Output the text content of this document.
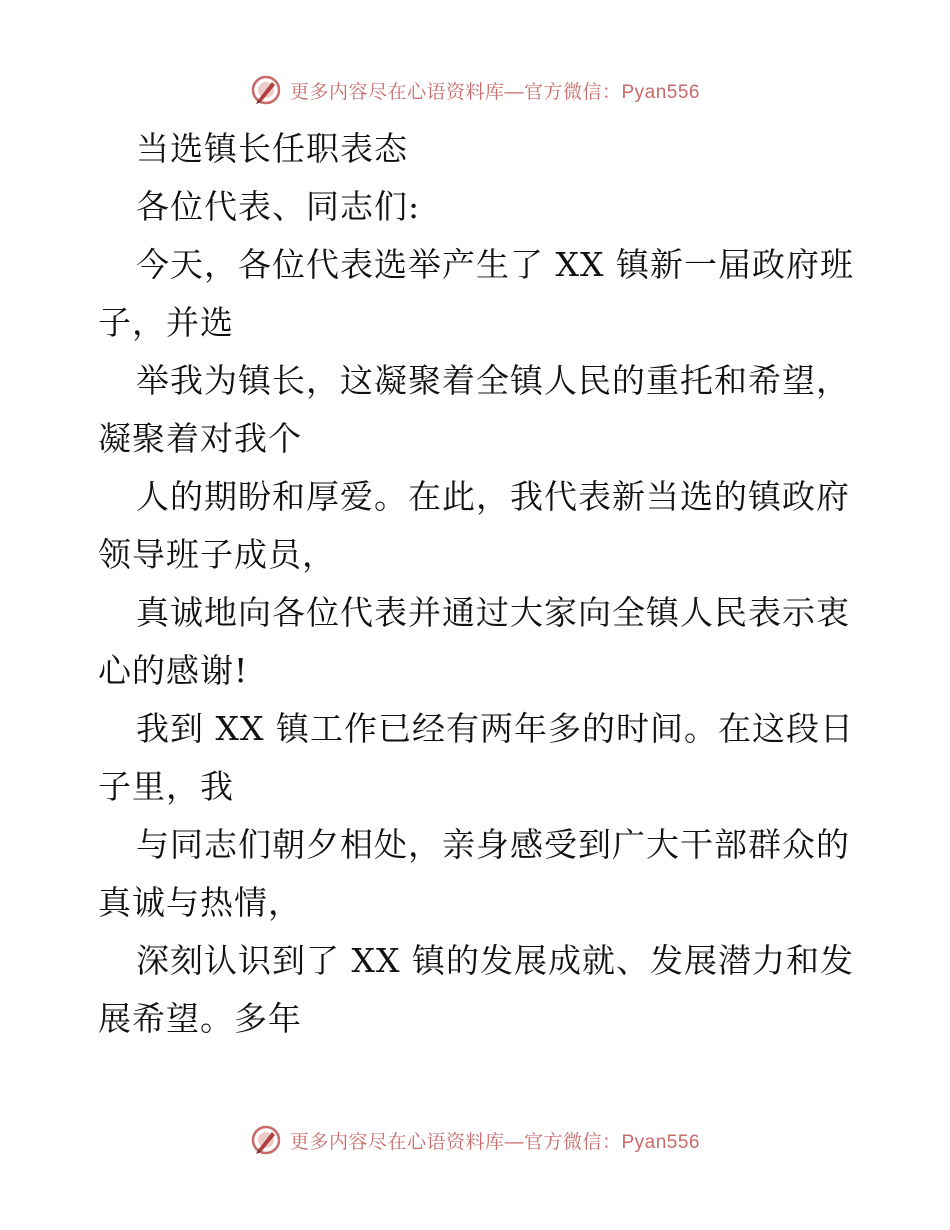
更多内容尽在心语资料库—官方微信：Pyan556
当选镇长任职表态
各位代表、同志们:
今天，各位代表选举产生了 XX 镇新一届政府班
子，并选
举我为镇长，这凝聚着全镇人民的重托和希望，
凝聚着对我个
人的期盼和厚爱。在此，我代表新当选的镇政府
领导班子成员，
真诚地向各位代表并通过大家向全镇人民表示衷
心的感谢!
我到 XX 镇工作已经有两年多的时间。在这段日
子里，我
与同志们朝夕相处，亲身感受到广大干部群众的
真诚与热情，
深刻认识到了 XX 镇的发展成就、发展潜力和发
展希望。多年
更多内容尽在心语资料库—官方微信：Pyan556
